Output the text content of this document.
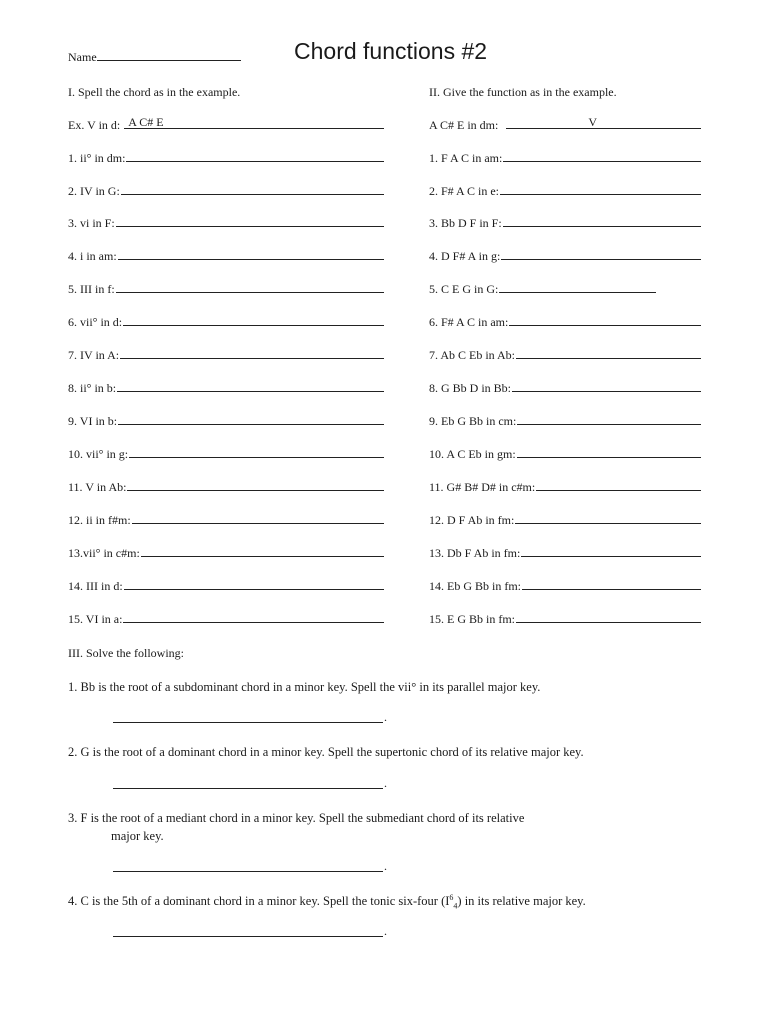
Name	Chord functions #2
I. Spell the chord as in the example.	II. Give the function as in the example.
Ex. V in d: A C# E	A C# E in dm:	V
1. ii° in dm:
2. IV in G:
3. vi in F:
4. i in am:
5. III in f:
6. vii° in d:
7. IV in A:
8. ii° in b:
9. VI in b:
10. vii° in g:
11. V in Ab:
12. ii in f#m:
13.vii° in c#m:
14. III in d:
15. VI in a:
1. F A C in am:
2. F# A C in e:
3. Bb D F in F:
4. D F# A in g:
5. C E G in G:
6. F# A C in am:
7. Ab C Eb in Ab:
8. G Bb D in Bb:
9. Eb G Bb in cm:
10. A C Eb in gm:
11. G# B# D# in c#m:
12. D F Ab in fm:
13. Db F Ab in fm:
14. Eb G Bb in fm:
15. E G Bb in fm:
III. Solve the following:
1. Bb is the root of a subdominant chord in a minor key. Spell the vii° in its parallel major key.
.
2. G is the root of a dominant chord in a minor key. Spell the supertonic chord of its relative major key.
.
3. F is the root of a mediant chord in a minor key. Spell the submediant chord of its relative
major key.
.
4. C is the 5th of a dominant chord in a minor key. Spell the tonic six-four $(I^6_4)$ in its relative major key.
.
